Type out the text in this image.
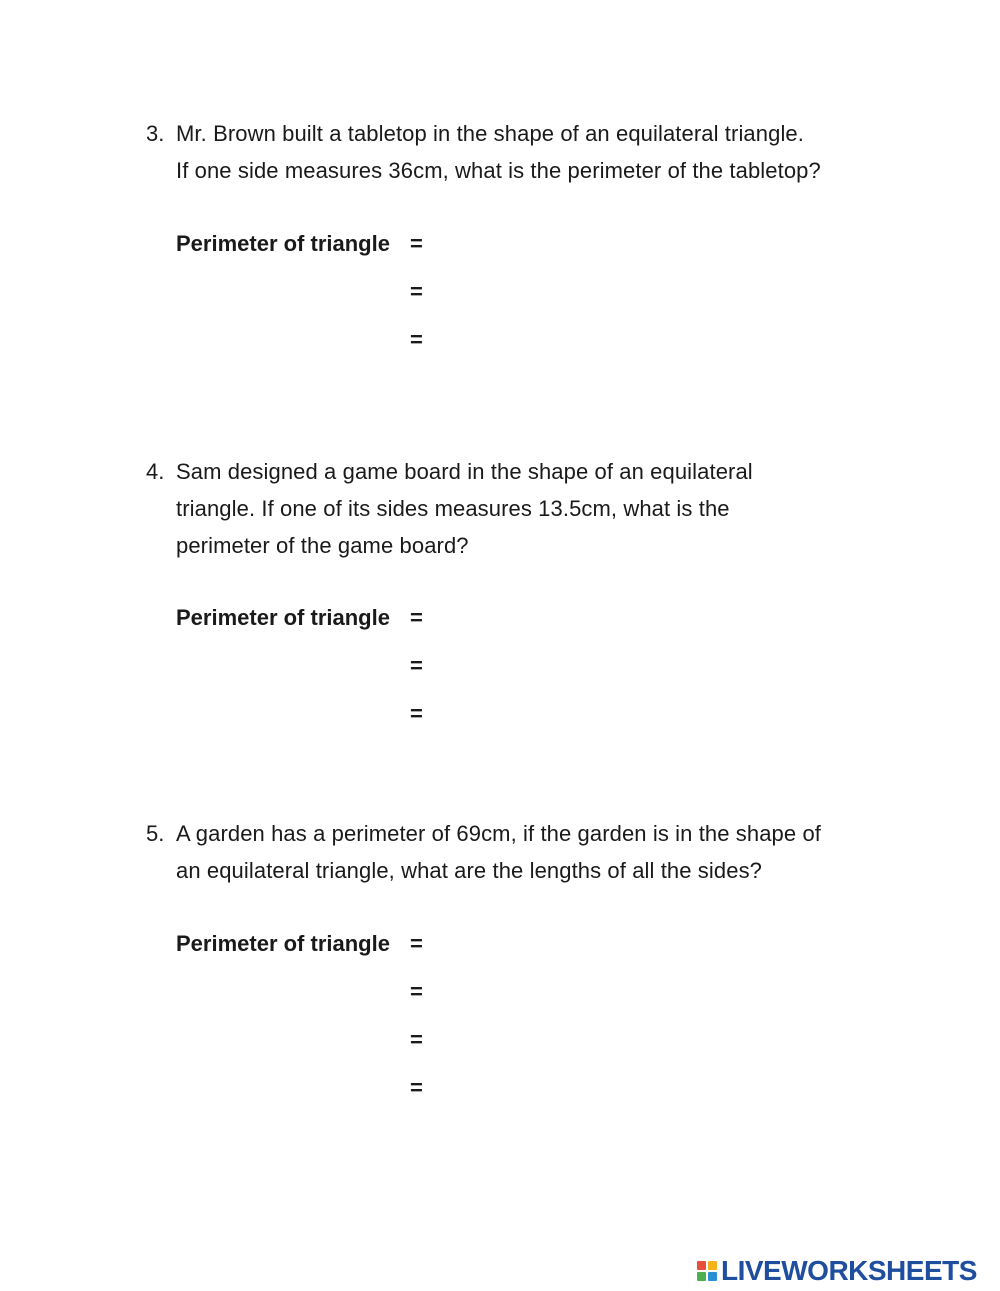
3. Mr. Brown built a tabletop in the shape of an equilateral triangle.
If one side measures 36cm, what is the perimeter of the tabletop?
Perimeter of triangle =
=
=
4. Sam designed a game board in the shape of an equilateral
triangle. If one of its sides measures 13.5cm, what is the
perimeter of the game board?
Perimeter of triangle =
=
=
5. A garden has a perimeter of 69cm, if the garden is in the shape of
an equilateral triangle, what are the lengths of all the sides?
Perimeter of triangle =
=
=
=
LIVEWORKSHEETS
